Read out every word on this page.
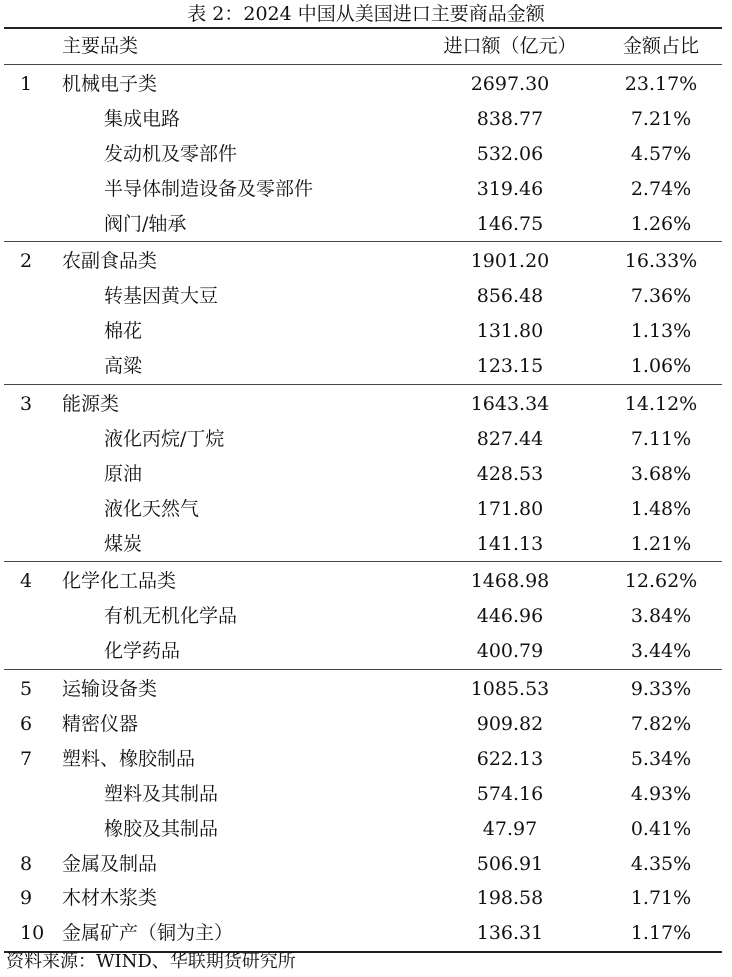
表 2：2024 中国从美国进口主要商品金额
主要品类	进口额（亿元）	金额占比
1	机械电子类	2697.30	23.17%
集成电路	838.77	7.21%
发动机及零部件	532.06	4.57%
半导体制造设备及零部件	319.46	2.74%
阀门/轴承	146.75	1.26%
2	农副食品类	1901.20	16.33%
转基因黄大豆	856.48	7.36%
棉花	131.80	1.13%
高粱	123.15	1.06%
3	能源类	1643.34	14.12%
液化丙烷/丁烷	827.44	7.11%
原油	428.53	3.68%
液化天然气	171.80	1.48%
煤炭	141.13	1.21%
4	化学化工品类	1468.98	12.62%
有机无机化学品	446.96	3.84%
化学药品	400.79	3.44%
5	运输设备类	1085.53	9.33%
6	精密仪器	909.82	7.82%
7	塑料、橡胶制品	622.13	5.34%
塑料及其制品	574.16	4.93%
橡胶及其制品	47.97	0.41%
8	金属及制品	506.91	4.35%
9	木材木浆类	198.58	1.71%
10 金属矿产（铜为主）	136.31	1.17%
资料来源：WIND、华联期货研究所
